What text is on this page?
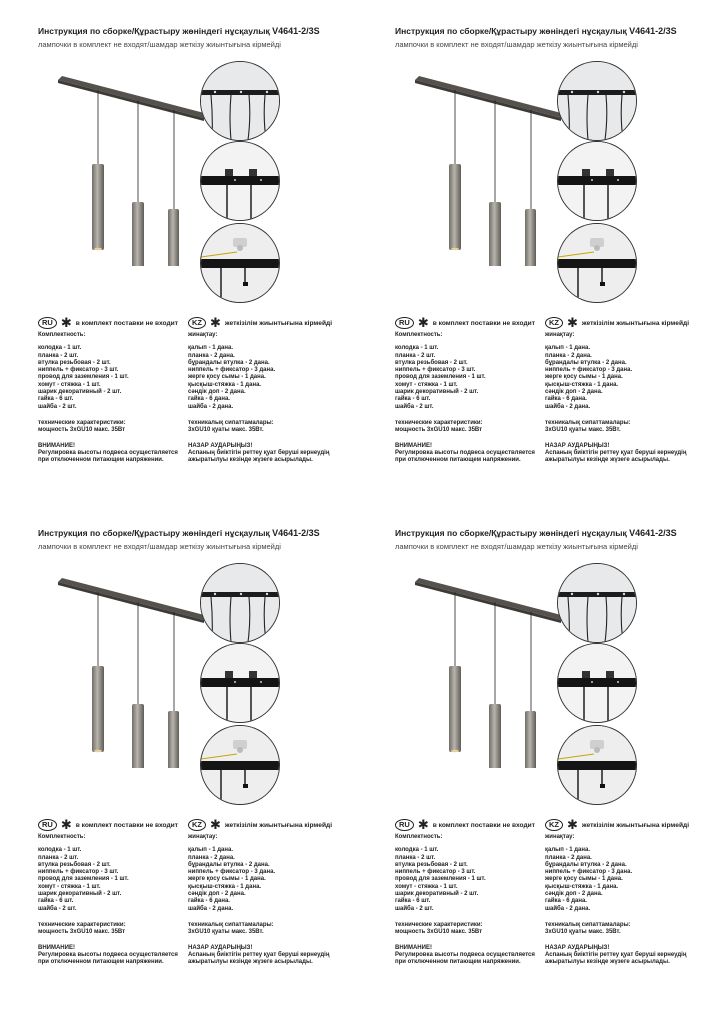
Инструкция по сборке/Құрастыру жөніндегі нұсқаулық V4641-2/3S
лампочки в комплект не входят/шамдар жеткізу жиынтығына кірмейді
RU ✱ в комплект поставки не входит	KZ ✱ жеткізілім жиынтығына кірмейді
Комплектность:
колодка - 1 шт.
планка - 2 шт.
втулка резьбовая - 2 шт.
ниппель + фиксатор - 3 шт.
провод для заземления - 1 шт.
хомут - стяжка - 1 шт.
шарик декоративный - 2 шт.
гайка - 6 шт.
шайба - 2 шт.
технические характеристики:
мощность 3xGU10 макс. 35Вт
ВНИМАНИЕ!
Регулировка высоты подвеса осуществляется
при отключенном питающем напряжении.
жинақтау:
қалып - 1 дана.
планка - 2 дана.
бұрандалы втулка - 2 дана.
ниппель + фиксатор - 3 дана.
жерге қосу сымы - 1 дана.
қысқыш-стяжка - 1 дана.
сәндік доп - 2 дана.
гайка - 6 дана.
шайба - 2 дана.
техникалық сипаттамалары:
3xGU10 қуаты макс. 35Вт.
НАЗАР АУДАРЫҢЫЗ!
Аспаның биіктігін реттеу қуат беруші кернеудің
ажыратылуы кезінде жүзеге асырылады.
Инструкция по сборке/Құрастыру жөніндегі нұсқаулық V4641-2/3S
лампочки в комплект не входят/шамдар жеткізу жиынтығына кірмейді
RU ✱ в комплект поставки не входит	KZ ✱ жеткізілім жиынтығына кірмейді
Комплектность:
колодка - 1 шт.
планка - 2 шт.
втулка резьбовая - 2 шт.
ниппель + фиксатор - 3 шт.
провод для заземления - 1 шт.
хомут - стяжка - 1 шт.
шарик декоративный - 2 шт.
гайка - 6 шт.
шайба - 2 шт.
технические характеристики:
мощность 3xGU10 макс. 35Вт
ВНИМАНИЕ!
Регулировка высоты подвеса осуществляется
при отключенном питающем напряжении.
жинақтау:
қалып - 1 дана.
планка - 2 дана.
бұрандалы втулка - 2 дана.
ниппель + фиксатор - 3 дана.
жерге қосу сымы - 1 дана.
қысқыш-стяжка - 1 дана.
сәндік доп - 2 дана.
гайка - 6 дана.
шайба - 2 дана.
техникалық сипаттамалары:
3xGU10 қуаты макс. 35Вт.
НАЗАР АУДАРЫҢЫЗ!
Аспаның биіктігін реттеу қуат беруші кернеудің
ажыратылуы кезінде жүзеге асырылады.
Инструкция по сборке/Құрастыру жөніндегі нұсқаулық V4641-2/3S
лампочки в комплект не входят/шамдар жеткізу жиынтығына кірмейді
RU ✱ в комплект поставки не входит	KZ ✱ жеткізілім жиынтығына кірмейді
Комплектность:
колодка - 1 шт.
планка - 2 шт.
втулка резьбовая - 2 шт.
ниппель + фиксатор - 3 шт.
провод для заземления - 1 шт.
хомут - стяжка - 1 шт.
шарик декоративный - 2 шт.
гайка - 6 шт.
шайба - 2 шт.
технические характеристики:
мощность 3xGU10 макс. 35Вт
ВНИМАНИЕ!
Регулировка высоты подвеса осуществляется
при отключенном питающем напряжении.
жинақтау:
қалып - 1 дана.
планка - 2 дана.
бұрандалы втулка - 2 дана.
ниппель + фиксатор - 3 дана.
жерге қосу сымы - 1 дана.
қысқыш-стяжка - 1 дана.
сәндік доп - 2 дана.
гайка - 6 дана.
шайба - 2 дана.
техникалық сипаттамалары:
3xGU10 қуаты макс. 35Вт.
НАЗАР АУДАРЫҢЫЗ!
Аспаның биіктігін реттеу қуат беруші кернеудің
ажыратылуы кезінде жүзеге асырылады.
Инструкция по сборке/Құрастыру жөніндегі нұсқаулық V4641-2/3S
лампочки в комплект не входят/шамдар жеткізу жиынтығына кірмейді
RU ✱ в комплект поставки не входит	KZ ✱ жеткізілім жиынтығына кірмейді
Комплектность:
колодка - 1 шт.
планка - 2 шт.
втулка резьбовая - 2 шт.
ниппель + фиксатор - 3 шт.
провод для заземления - 1 шт.
хомут - стяжка - 1 шт.
шарик декоративный - 2 шт.
гайка - 6 шт.
шайба - 2 шт.
технические характеристики:
мощность 3xGU10 макс. 35Вт
ВНИМАНИЕ!
Регулировка высоты подвеса осуществляется
при отключенном питающем напряжении.
жинақтау:
қалып - 1 дана.
планка - 2 дана.
бұрандалы втулка - 2 дана.
ниппель + фиксатор - 3 дана.
жерге қосу сымы - 1 дана.
қысқыш-стяжка - 1 дана.
сәндік доп - 2 дана.
гайка - 6 дана.
шайба - 2 дана.
техникалық сипаттамалары:
3xGU10 қуаты макс. 35Вт.
НАЗАР АУДАРЫҢЫЗ!
Аспаның биіктігін реттеу қуат беруші кернеудің
ажыратылуы кезінде жүзеге асырылады.
